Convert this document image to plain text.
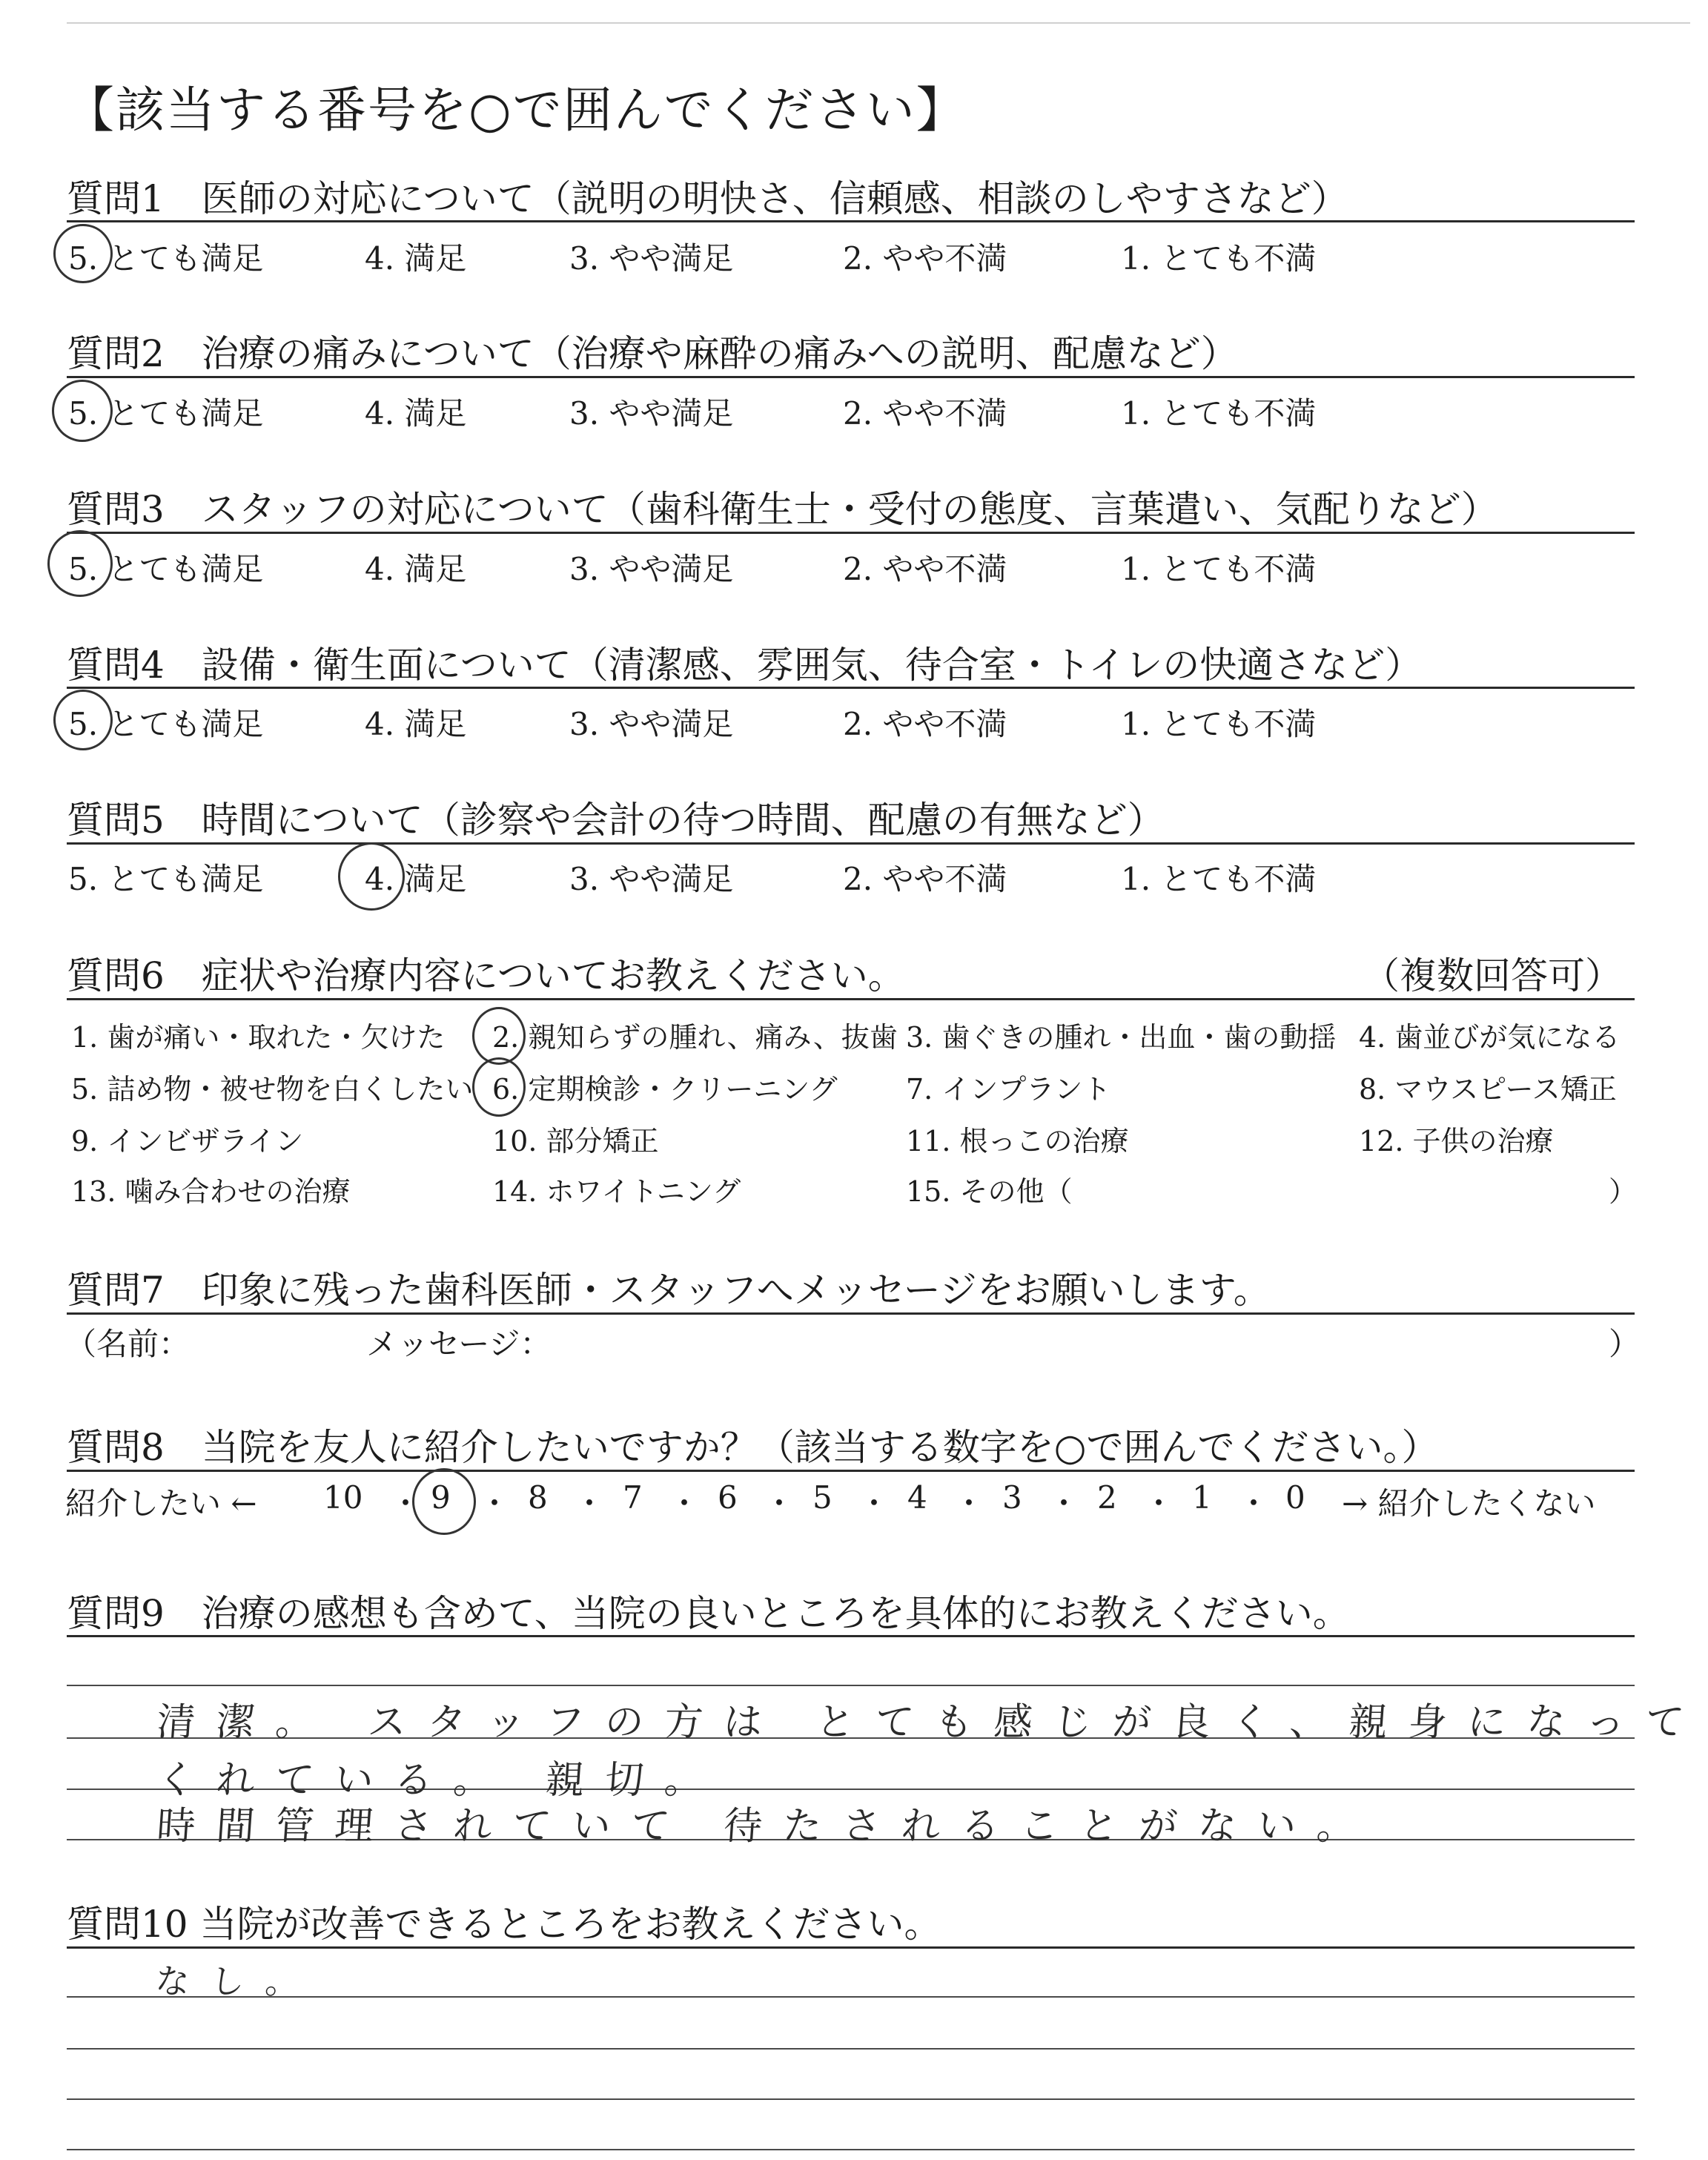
【該当する番号を○で囲んでください】
質問1　医師の対応について（説明の明快さ、信頼感、相談のしやすさなど）
5. とても満足	4. 満足	3. やや満足	2. やや不満	1. とても不満
質問2　治療の痛みについて（治療や麻酔の痛みへの説明、配慮など）
5. とても満足	4. 満足	3. やや満足	2. やや不満	1. とても不満
質問3　スタッフの対応について（歯科衛生士・受付の態度、言葉遣い、気配りなど）
5. とても満足	4. 満足	3. やや満足	2. やや不満	1. とても不満
質問4　設備・衛生面について（清潔感、雰囲気、待合室・トイレの快適さなど）
5. とても満足	4. 満足	3. やや満足	2. やや不満	1. とても不満
質問5　時間について（診察や会計の待つ時間、配慮の有無など）
5. とても満足	4. 満足	3. やや満足	2. やや不満	1. とても不満
質問6　症状や治療内容についてお教えください。	（複数回答可）
1. 歯が痛い・取れた・欠けた 2. 親知らずの腫れ、痛み、抜歯 3. 歯ぐきの腫れ・出血・歯の動揺 4. 歯並びが気になる
5. 詰め物・被せ物を白くしたい 6. 定期検診・クリーニング 7. インプラント	8. マウスピース矯正
9. インビザライン	10. 部分矯正	11. 根っこの治療	12. 子供の治療
13. 噛み合わせの治療	14. ホワイトニング	15. その他（	）
質問7　印象に残った歯科医師・スタッフへメッセージをお願いします。
（名前：	メッセージ：	）
質問8　当院を友人に紹介したいですか？（該当する数字を○で囲んでください。）
紹介したい ← 10 ・ 9 ・ 8 ・ 7 ・ 6 ・ 5 ・ 4 ・ 3 ・ 2 ・ 1 ・ 0 → 紹介したくない
質問9　治療の感想も含めて、当院の良いところを具体的にお教えください。
清潔。 スタッフの方は とても感じが良く、親身になって
くれている。 親切。
時間管理されていて 待たされることがない。
質問10 当院が改善できるところをお教えください。
なし。
